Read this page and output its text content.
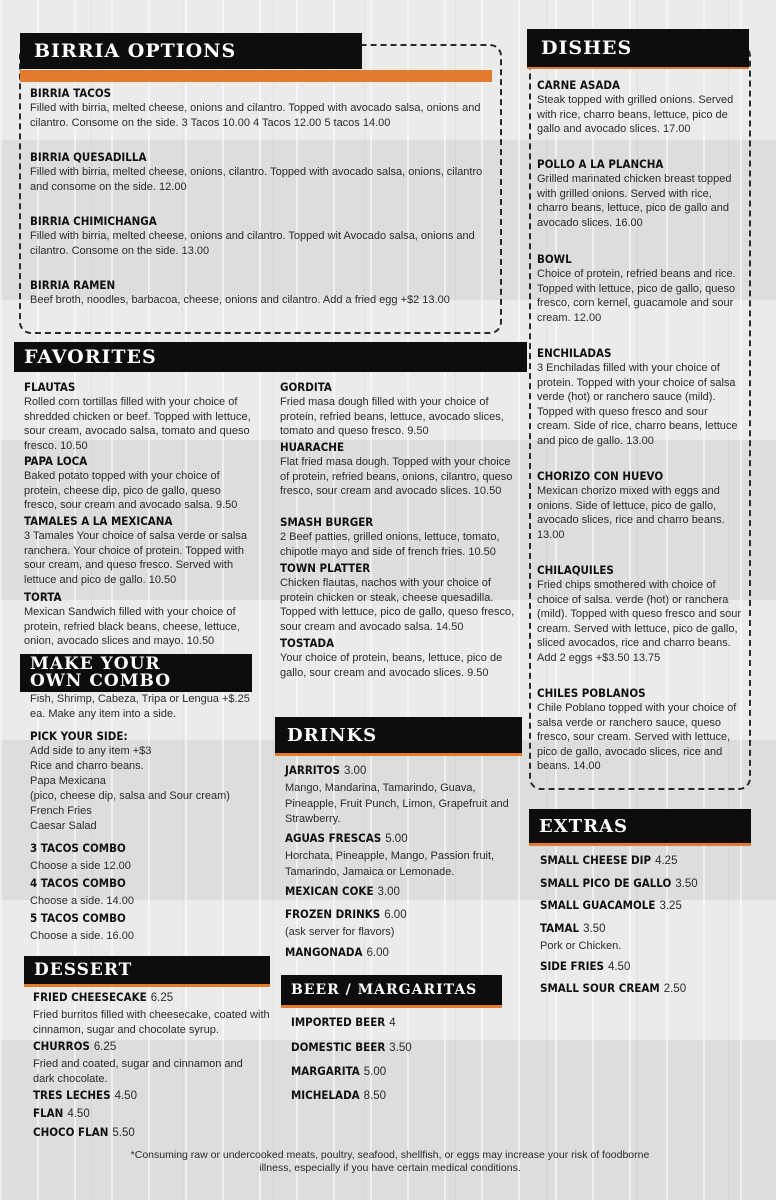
BIRRIA OPTIONS
BIRRIA TACOS
Filled with birria, melted cheese, onions and cilantro. Topped with avocado salsa, onions and cilantro. Consome on the side. 3 Tacos 10.00 4 Tacos 12.00 5 tacos 14.00
BIRRIA QUESADILLA
Filled with birria, melted cheese, onions, cilantro. Topped with avocado salsa, onions, cilantro and consome on the side. 12.00
BIRRIA CHIMICHANGA
Filled with birria, melted cheese, onions and cilantro. Topped wit Avocado salsa, onions and cilantro. Consome on the side. 13.00
BIRRIA RAMEN
Beef broth, noodles, barbacoa, cheese, onions and cilantro. Add a fried egg +$2 13.00
DISHES
CARNE ASADA
Steak topped with grilled onions. Served with rice, charro beans, lettuce, pico de gallo and avocado slices. 17.00
POLLO A LA PLANCHA
Grilled marinated chicken breast topped with grilled onions. Served with rice, charro beans, lettuce, pico de gallo and avocado slices. 16.00
BOWL
Choice of protein, refried beans and rice. Topped with lettuce, pico de gallo, queso fresco, corn kernel, guacamole and sour cream. 12.00
ENCHILADAS
3 Enchiladas filled with your choice of protein. Topped with your choice of salsa verde (hot) or ranchero sauce (mild). Topped with queso fresco and sour cream. Side of rice, charro beans, lettuce and pico de gallo. 13.00
CHORIZO CON HUEVO
Mexican chorizo mixed with eggs and onions. Side of lettuce, pico de gallo, avocado slices, rice and charro beans. 13.00
CHILAQUILES
Fried chips smothered with choice of choice of salsa. verde (hot) or ranchera (mild). Topped with queso fresco and sour cream. Served with lettuce, pico de gallo, sliced avocados, rice and charro beans. Add 2 eggs +$3.50 13.75
CHILES POBLANOS
Chile Poblano topped with your choice of salsa verde or ranchero sauce, queso fresco, sour cream. Served with lettuce, pico de gallo, avocado slices, rice and beans. 14.00
FAVORITES
FLAUTAS
Rolled corn tortillas filled with your choice of shredded chicken or beef. Topped with lettuce, sour cream, avocado salsa, tomato and queso fresco. 10.50
PAPA LOCA
Baked potato topped with your choice of protein, cheese dip, pico de gallo, queso fresco, sour cream and avocado salsa. 9.50
TAMALES A LA MEXICANA
3 Tamales Your choice of salsa verde or salsa ranchera. Your choice of protein. Topped with sour cream, and queso fresco. Served with lettuce and pico de gallo. 10.50
TORTA
Mexican Sandwich filled with your choice of protein, refried black beans, cheese, lettuce, onion, avocado slices and mayo. 10.50
GORDITA
Fried masa dough filled with your choice of protein, refried beans, lettuce, avocado slices, tomato and queso fresco. 9.50
HUARACHE
Flat fried masa dough. Topped with your choice of protein, refried beans, onions, cilantro, queso fresco, sour cream and avocado slices. 10.50
SMASH BURGER
2 Beef patties, grilled onions, lettuce, tomato, chipotle mayo and side of french fries. 10.50
TOWN PLATTER
Chicken flautas, nachos with your choice of protein chicken or steak, cheese quesadilla. Topped with lettuce, pico de gallo, queso fresco, sour cream and avocado salsa. 14.50
TOSTADA
Your choice of protein, beans, lettuce, pico de gallo, sour cream and avocado slices. 9.50
MAKE YOUR
OWN COMBO
Fish, Shrimp, Cabeza, Tripa or Lengua +$.25 ea. Make any item into a side.
PICK YOUR SIDE:
Add side to any item +$3
Rice and charro beans.
Papa Mexicana
(pico, cheese dip, salsa and Sour cream)
French Fries
Caesar Salad
3 TACOS COMBO
Choose a side 12.00
4 TACOS COMBO
Choose a side. 14.00
5 TACOS COMBO
Choose a side. 16.00
DRINKS
JARRITOS 3.00
Mango, Mandarina, Tamarindo, Guava, Pineapple, Fruit Punch, Limon, Grapefruit and Strawberry.
AGUAS FRESCAS 5.00
Horchata, Pineapple, Mango, Passion fruit, Tamarindo, Jamaica or Lemonade.
MEXICAN COKE 3.00
FROZEN DRINKS 6.00
(ask server for flavors)
MANGONADA 6.00
BEER / MARGARITAS
IMPORTED BEER 4
DOMESTIC BEER 3.50
MARGARITA 5.00
MICHELADA 8.50
DESSERT
FRIED CHEESECAKE 6.25
Fried burritos filled with cheesecake, coated with cinnamon, sugar and chocolate syrup.
CHURROS 6.25
Fried and coated, sugar and cinnamon and dark chocolate.
TRES LECHES 4.50
FLAN 4.50
CHOCO FLAN 5.50
EXTRAS
SMALL CHEESE DIP 4.25
SMALL PICO DE GALLO 3.50
SMALL GUACAMOLE 3.25
TAMAL 3.50
Pork or Chicken.
SIDE FRIES 4.50
SMALL SOUR CREAM 2.50
*Consuming raw or undercooked meats, poultry, seafood, shellfish, or eggs may increase your risk of foodborne
illness, especially if you have certain medical conditions.
